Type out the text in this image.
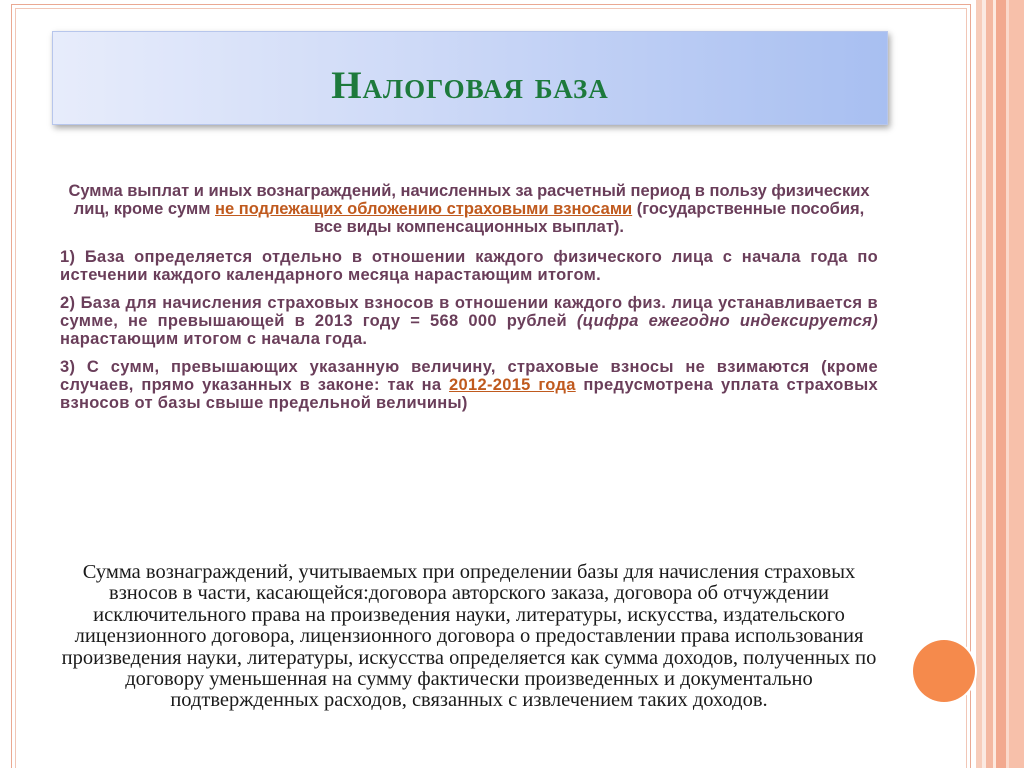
Налоговая база

Сумма выплат и иных вознаграждений, начисленных за расчетный период в пользу физических лиц, кроме сумм не подлежащих обложению страховыми взносами (государственные пособия, все виды компенсационных выплат).

1) База определяется отдельно в отношении каждого физического лица с начала года по истечении каждого календарного месяца нарастающим итогом.

2) База для начисления страховых взносов в отношении каждого физ. лица устанавливается в сумме, не превышающей в 2013 году = 568 000 рублей (цифра ежегодно индексируется) нарастающим итогом с начала года.

3) С сумм, превышающих указанную величину, страховые взносы не взимаются (кроме случаев, прямо указанных в законе: так на 2012-2015 года предусмотрена уплата страховых взносов от базы свыше предельной величины)

Сумма вознаграждений, учитываемых при определении базы для начисления страховых взносов в части, касающейся:договора авторского заказа, договора об отчуждении исключительного права на произведения науки, литературы, искусства, издательского лицензионного договора, лицензионного договора о предоставлении права использования произведения науки, литературы, искусства определяется как сумма доходов, полученных по договору уменьшенная на сумму фактически произведенных и документально подтвержденных расходов, связанных с извлечением таких доходов.
